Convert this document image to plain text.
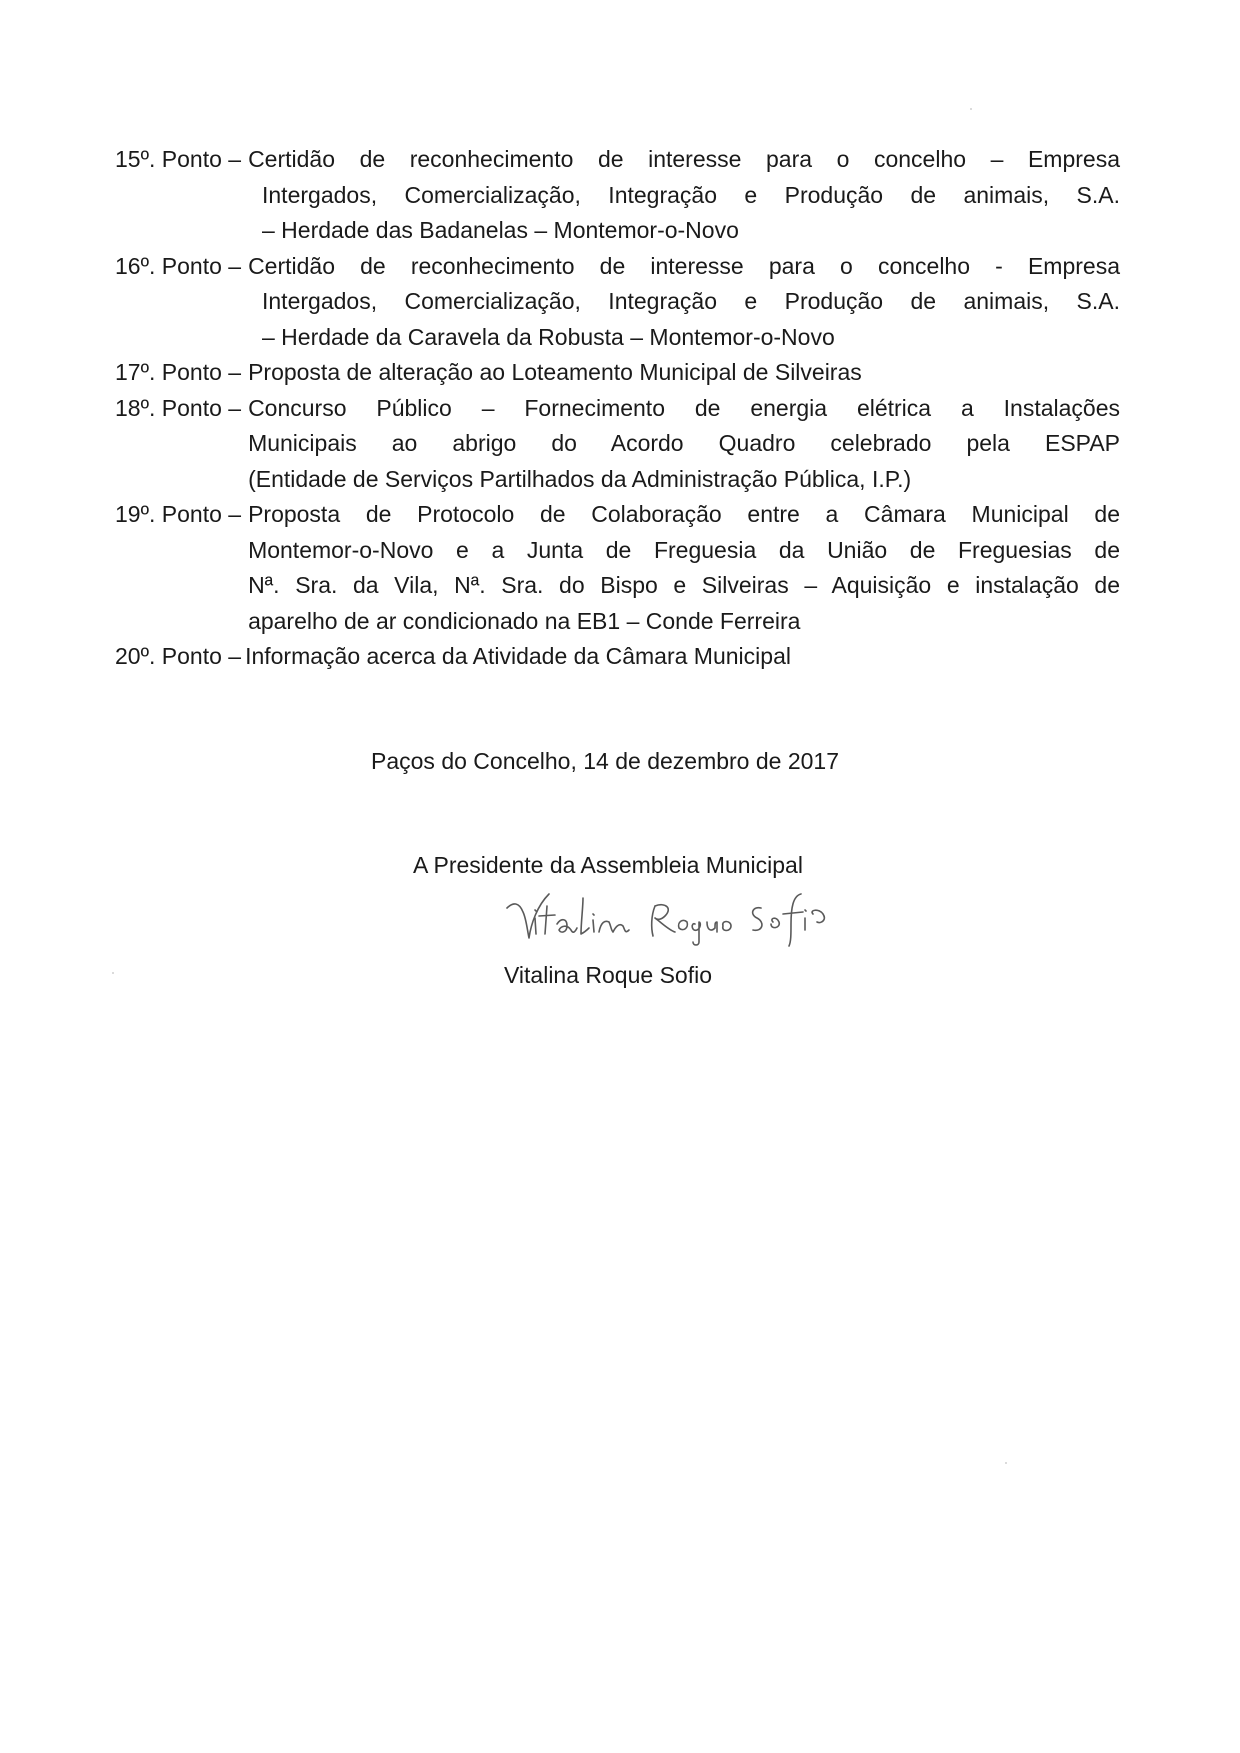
15º. Ponto – Certidão de reconhecimento de interesse para o concelho – Empresa
Intergados, Comercialização, Integração e Produção de animais, S.A.
– Herdade das Badanelas – Montemor-o-Novo
16º. Ponto – Certidão de reconhecimento de interesse para o concelho - Empresa
Intergados, Comercialização, Integração e Produção de animais, S.A.
– Herdade da Caravela da Robusta – Montemor-o-Novo
17º. Ponto – Proposta de alteração ao Loteamento Municipal de Silveiras
18º. Ponto – Concurso Público – Fornecimento de energia elétrica a Instalações
Municipais ao abrigo do Acordo Quadro celebrado pela ESPAP
(Entidade de Serviços Partilhados da Administração Pública, I.P.)
19º. Ponto – Proposta de Protocolo de Colaboração entre a Câmara Municipal de
Montemor-o-Novo e a Junta de Freguesia da União de Freguesias de
Nª. Sra. da Vila, Nª. Sra. do Bispo e Silveiras – Aquisição e instalação de
aparelho de ar condicionado na EB1 – Conde Ferreira
20º. Ponto – Informação acerca da Atividade da Câmara Municipal
Paços do Concelho, 14 de dezembro de 2017
A Presidente da Assembleia Municipal
Vitalina Roque Sofio
